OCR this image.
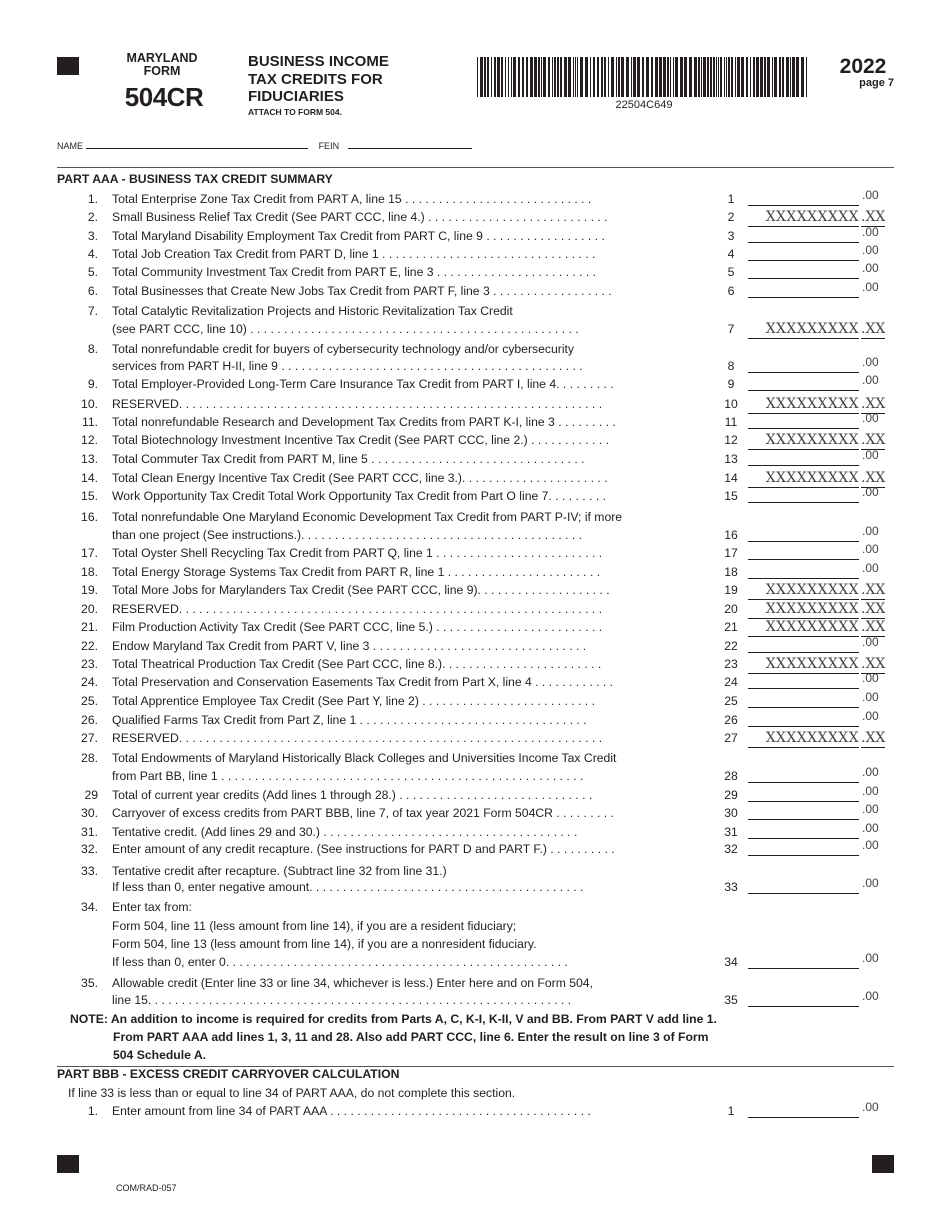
MARYLAND
FORM
504CR
BUSINESS INCOME
TAX CREDITS FOR
FIDUCIARIES
ATTACH TO FORM 504.
22504C649
2022
page 7
NAME	FEIN
PART AAA - BUSINESS TAX CREDIT SUMMARY
1. Total Enterprise Zone Tax Credit from PART A, line 15 . . . . . . . . . . . . . . . . . . . . . . . . . . . .	1	.00
2. Small Business Relief Tax Credit (See PART CCC, line 4.) . . . . . . . . . . . . . . . . . . . . . . . . . . .	2	XXXXXXXXX .XX
3. Total Maryland Disability Employment Tax Credit from PART C, line 9 . . . . . . . . . . . . . . . . . .	3	.00
4. Total Job Creation Tax Credit from PART D, line 1 . . . . . . . . . . . . . . . . . . . . . . . . . . . . . . . .	4	.00
5. Total Community Investment Tax Credit from PART E, line 3 . . . . . . . . . . . . . . . . . . . . . . . .	5	.00
6. Total Businesses that Create New Jobs Tax Credit from PART F, line 3 . . . . . . . . . . . . . . . . . .	6	.00
7. Total Catalytic Revitalization Projects and Historic Revitalization Tax Credit
(see PART CCC, line 10) . . . . . . . . . . . . . . . . . . . . . . . . . . . . . . . . . . . . . . . . . . . . . . . . .	7	XXXXXXXXX .XX
8. Total nonrefundable credit for buyers of cybersecurity technology and/or cybersecurity
services from PART H-II, line 9 . . . . . . . . . . . . . . . . . . . . . . . . . . . . . . . . . . . . . . . . . . . . .	8	.00
9. Total Employer-Provided Long-Term Care Insurance Tax Credit from PART I, line 4. . . . . . . . .	9	.00
10. RESERVED. . . . . . . . . . . . . . . . . . . . . . . . . . . . . . . . . . . . . . . . . . . . . . . . . . . . . . . . . . . . . . .	10	XXXXXXXXX .XX
11. Total nonrefundable Research and Development Tax Credits from PART K-I, line 3 . . . . . . . . .	11	.00
12. Total Biotechnology Investment Incentive Tax Credit (See PART CCC, line 2.) . . . . . . . . . . . .	12	XXXXXXXXX .XX
13. Total Commuter Tax Credit from PART M, line 5 . . . . . . . . . . . . . . . . . . . . . . . . . . . . . . . .	13	.00
14. Total Clean Energy Incentive Tax Credit (See PART CCC, line 3.). . . . . . . . . . . . . . . . . . . . . .	14	XXXXXXXXX .XX
15. Work Opportunity Tax Credit Total Work Opportunity Tax Credit from Part O line 7. . . . . . . . .	15	.00
16. Total nonrefundable One Maryland Economic Development Tax Credit from PART P-IV; if more
than one project (See instructions.). . . . . . . . . . . . . . . . . . . . . . . . . . . . . . . . . . . . . . . . . .	16	.00
17. Total Oyster Shell Recycling Tax Credit from PART Q, line 1 . . . . . . . . . . . . . . . . . . . . . . . . .	17	.00
18. Total Energy Storage Systems Tax Credit from PART R, line 1 . . . . . . . . . . . . . . . . . . . . . . .	18	.00
19. Total More Jobs for Marylanders Tax Credit (See PART CCC, line 9). . . . . . . . . . . . . . . . . . . .	19	XXXXXXXXX .XX
20. RESERVED. . . . . . . . . . . . . . . . . . . . . . . . . . . . . . . . . . . . . . . . . . . . . . . . . . . . . . . . . . . . . . .	20	XXXXXXXXX .XX
21. Film Production Activity Tax Credit (See PART CCC, line 5.) . . . . . . . . . . . . . . . . . . . . . . . . .	21	XXXXXXXXX .XX
22. Endow Maryland Tax Credit from PART V, line 3 . . . . . . . . . . . . . . . . . . . . . . . . . . . . . . . .	22	.00
23. Total Theatrical Production Tax Credit (See Part CCC, line 8.). . . . . . . . . . . . . . . . . . . . . . . .	23	XXXXXXXXX .XX
24. Total Preservation and Conservation Easements Tax Credit from Part X, line 4 . . . . . . . . . . . .	24	.00
25. Total Apprentice Employee Tax Credit (See Part Y, line 2) . . . . . . . . . . . . . . . . . . . . . . . . . .	25	.00
26. Qualified Farms Tax Credit from Part Z, line 1 . . . . . . . . . . . . . . . . . . . . . . . . . . . . . . . . . .	26	.00
27. RESERVED. . . . . . . . . . . . . . . . . . . . . . . . . . . . . . . . . . . . . . . . . . . . . . . . . . . . . . . . . . . . . . .	27	XXXXXXXXX .XX
28. Total Endowments of Maryland Historically Black Colleges and Universities Income Tax Credit
from Part BB, line 1 . . . . . . . . . . . . . . . . . . . . . . . . . . . . . . . . . . . . . . . . . . . . . . . . . . . . . .	28	.00
29 Total of current year credits (Add lines 1 through 28.) . . . . . . . . . . . . . . . . . . . . . . . . . . . . .	29	.00
30. Carryover of excess credits from PART BBB, line 7, of tax year 2021 Form 504CR . . . . . . . . .	30	.00
31. Tentative credit. (Add lines 29 and 30.) . . . . . . . . . . . . . . . . . . . . . . . . . . . . . . . . . . . . . .	31	.00
32. Enter amount of any credit recapture. (See instructions for PART D and PART F.) . . . . . . . . . .	32	.00
33. Tentative credit after recapture. (Subtract line 32 from line 31.)
If less than 0, enter negative amount. . . . . . . . . . . . . . . . . . . . . . . . . . . . . . . . . . . . . . . . .	33	.00
34. Enter tax from:
Form 504, line 11 (less amount from line 14), if you are a resident fiduciary;
Form 504, line 13 (less amount from line 14), if you are a nonresident fiduciary.
If less than 0, enter 0. . . . . . . . . . . . . . . . . . . . . . . . . . . . . . . . . . . . . . . . . . . . . . . . . . .	34	.00
35. Allowable credit (Enter line 33 or line 34, whichever is less.) Enter here and on Form 504,
line 15. . . . . . . . . . . . . . . . . . . . . . . . . . . . . . . . . . . . . . . . . . . . . . . . . . . . . . . . . . . . . . .	35	.00
NOTE: An addition to income is required for credits from Parts A, C, K-I, K-II, V and BB. From PART V add line 1.
From PART AAA add lines 1, 3, 11 and 28. Also add PART CCC, line 6. Enter the result on line 3 of Form
504 Schedule A.
PART BBB - EXCESS CREDIT CARRYOVER CALCULATION
If line 33 is less than or equal to line 34 of PART AAA, do not complete this section.
1. Enter amount from line 34 of PART AAA . . . . . . . . . . . . . . . . . . . . . . . . . . . . . . . . . . . . . . .	1	.00
COM/RAD-057
